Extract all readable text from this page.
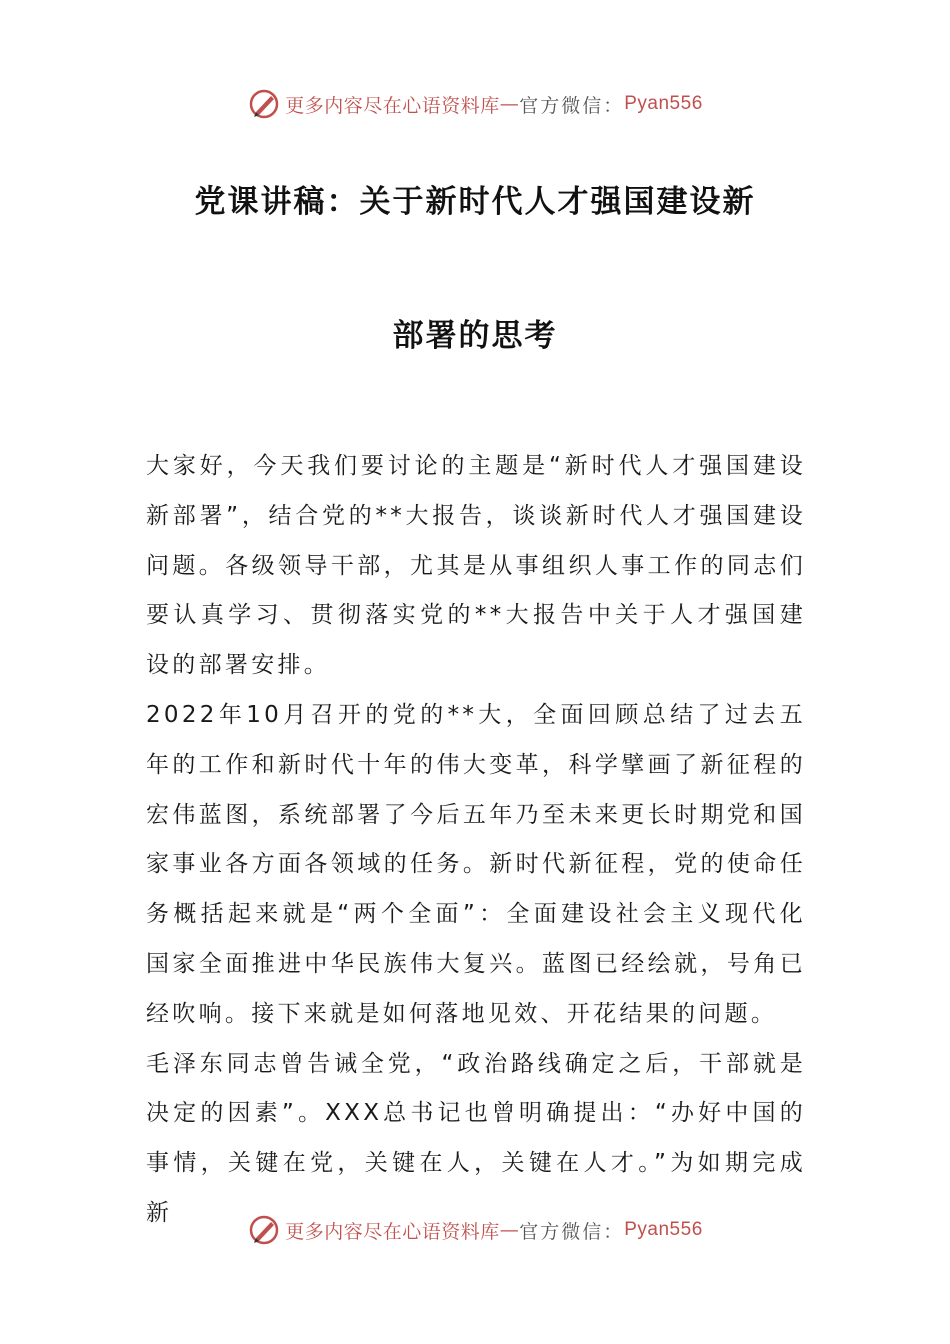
更多内容尽在心语资料库 — 官方微信： Pyan556
党课讲稿：关于新时代人才强国建设新
部署的思考

大家好，今天我们要讨论的主题是“新时代人才强国建设新部署”，结合党的**大报告，谈谈新时代人才强国建设问题。各级领导干部，尤其是从事组织人事工作的同志们要认真学习、贯彻落实党的**大报告中关于人才强国建设的部署安排。

2022年10月召开的党的**大，全面回顾总结了过去五年的工作和新时代十年的伟大变革，科学擘画了新征程的宏伟蓝图，系统部署了今后五年乃至未来更长时期党和国家事业各方面各领域的任务。新时代新征程，党的使命任务概括起来就是“两个全面”：全面建设社会主义现代化国家全面推进中华民族伟大复兴。蓝图已经绘就，号角已经吹响。接下来就是如何落地见效、开花结果的问题。

毛泽东同志曾告诫全党，“政治路线确定之后，干部就是决定的因素”。XXX总书记也曾明确提出：“办好中国的事情，关键在党，关键在人，关键在人才。”为如期完成新

更多内容尽在心语资料库 — 官方微信： Pyan556
